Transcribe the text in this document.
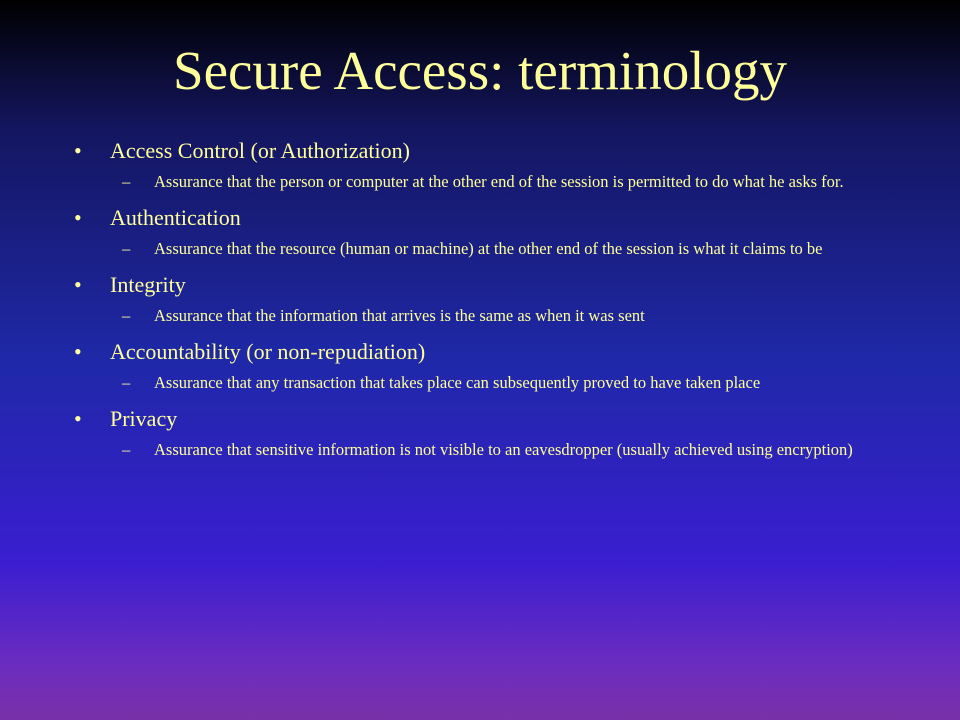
Secure Access: terminology
• Access Control (or Authorization)
– Assurance that the person or computer at the other end of the session is permitted to do what he asks for.
• Authentication
– Assurance that the resource (human or machine) at the other end of the session is what it claims to be
• Integrity
– Assurance that the information that arrives is the same as when it was sent
• Accountability (or non-repudiation)
– Assurance that any transaction that takes place can subsequently proved to have taken place
• Privacy
– Assurance that sensitive information is not visible to an eavesdropper (usually achieved using encryption)
